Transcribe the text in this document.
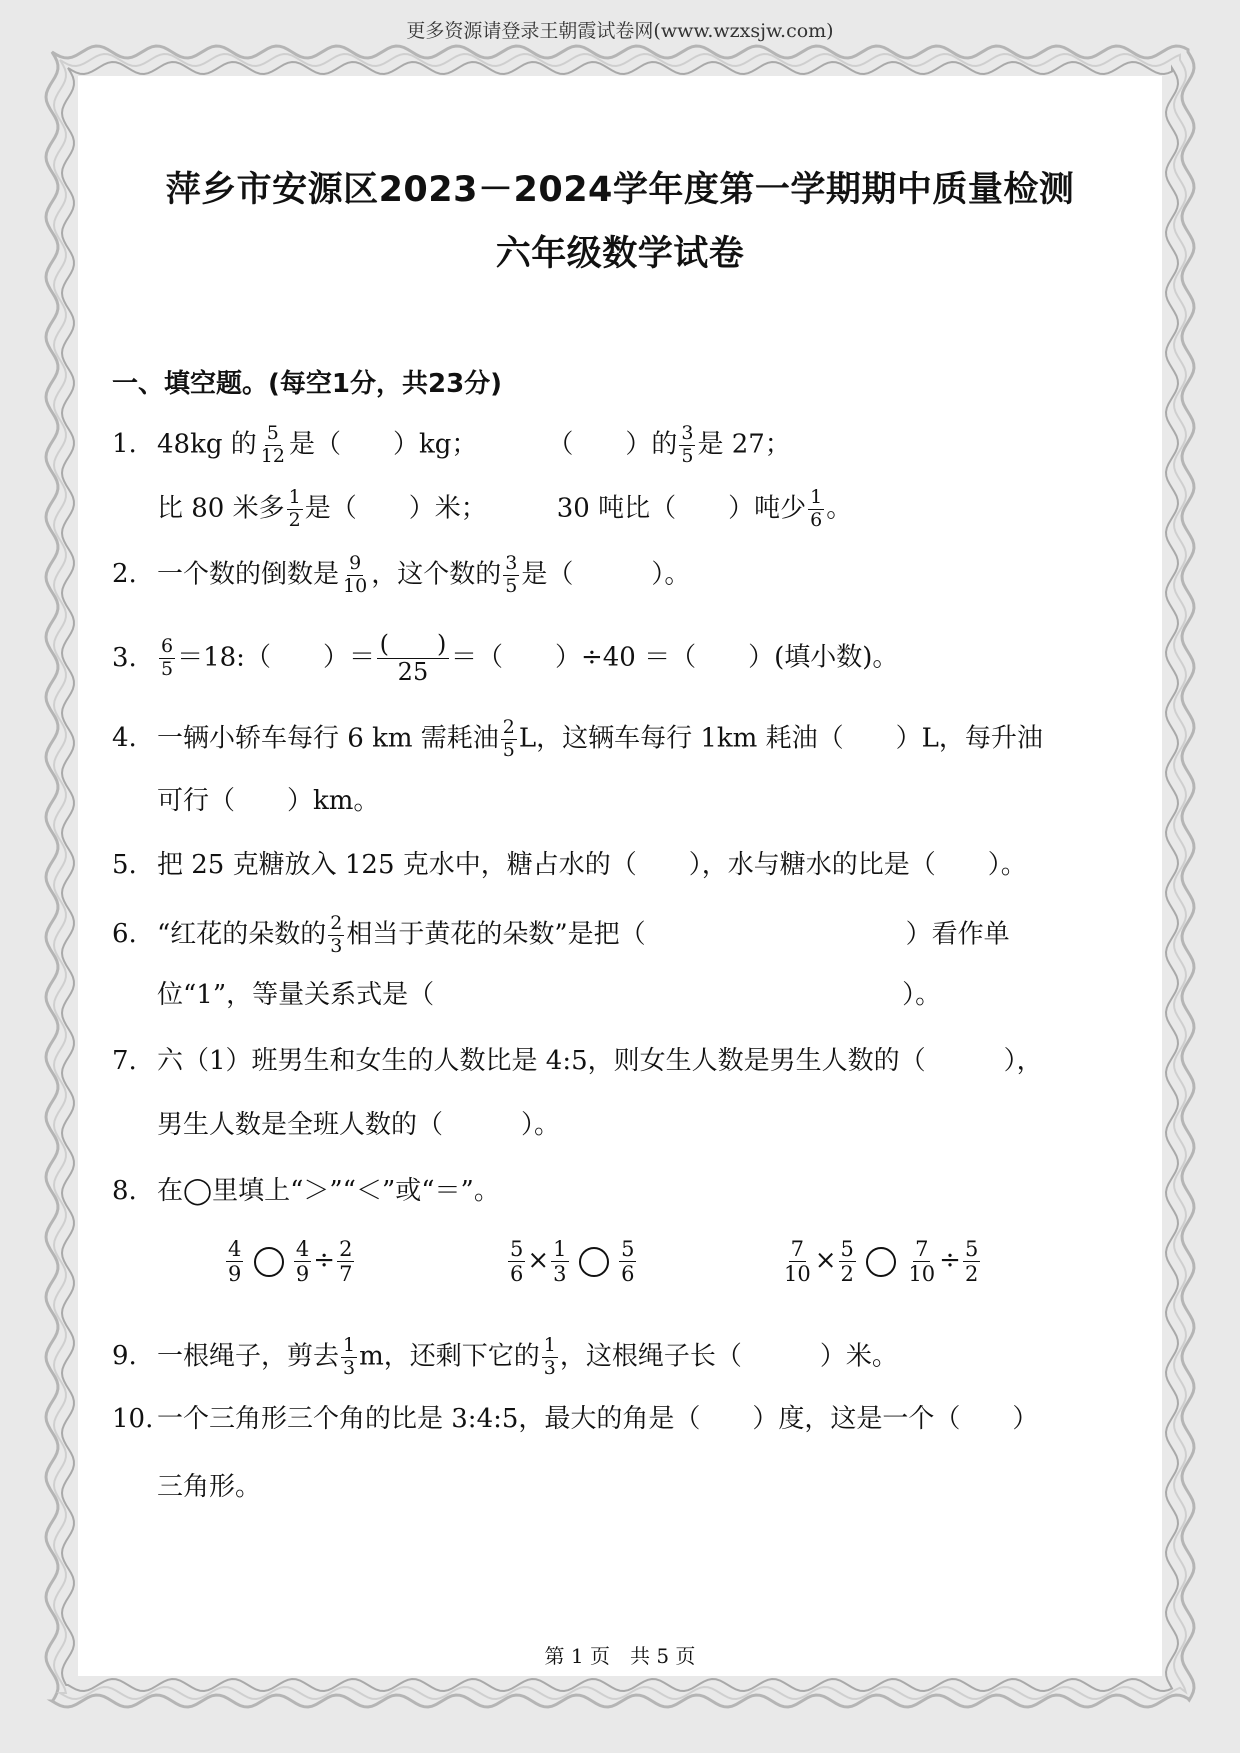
更多资源请登录王朝霞试卷网(www.wzxsjw.com)
萍乡市安源区2023－2024学年度第一学期期中质量检测
六年级数学试卷
一、填空题。(每空1分，共23分)
1. 48kg 的 $\frac{5}{12}$ 是（　　）kg；	（　　）的 $\frac{3}{5}$ 是 27；
比 80 米多 $\frac{1}{2}$ 是（　　）米；	30 吨比（　　）吨少 $\frac{1}{6}$ 。
2. 一个数的倒数是 $\frac{9}{10}$ ，这个数的 $\frac{3}{5}$ 是（　　　）。
3. $\frac{6}{5}$ ＝18:（　　）＝ $\frac{( )}{25}$ ＝（　　）÷40 ＝（　　）(填小数)。
4. 一辆小轿车每行 6 km 需耗油 $\frac{2}{5}$ L，这辆车每行 1km 耗油（　　）L，每升油
可行（　　）km。
5. 把 25 克糖放入 125 克水中，糖占水的（　　），水与糖水的比是（　　）。
6. “红花的朵数的 $\frac{2}{3}$ 相当于黄花的朵数”是把（　　　　　　　　　　）看作单
位“1”，等量关系式是（　　　　　　　　　　　　　　　　　　）。
7. 六（1）班男生和女生的人数比是 4:5，则女生人数是男生人数的（　　　），
男生人数是全班人数的（　　　）。
8. 在◯里填上“＞”“＜”或“＝”。
$\frac{4}{9}$
$\frac{4}{9} \div \frac{2}{7}$	$\frac{5}{6} \times \frac{1}{3}$
$\frac{5}{6}$	$\frac{7}{10} \times \frac{5}{2}$
$\frac{7}{10} \div \frac{5}{2}$
9. 一根绳子，剪去 $\frac{1}{3}$ m，还剩下它的 $\frac{1}{3}$ ，这根绳子长（　　　）米。
10. 一个三角形三个角的比是 3:4:5，最大的角是（　　）度，这是一个（　　）
三角形。
第 1 页　共 5 页
